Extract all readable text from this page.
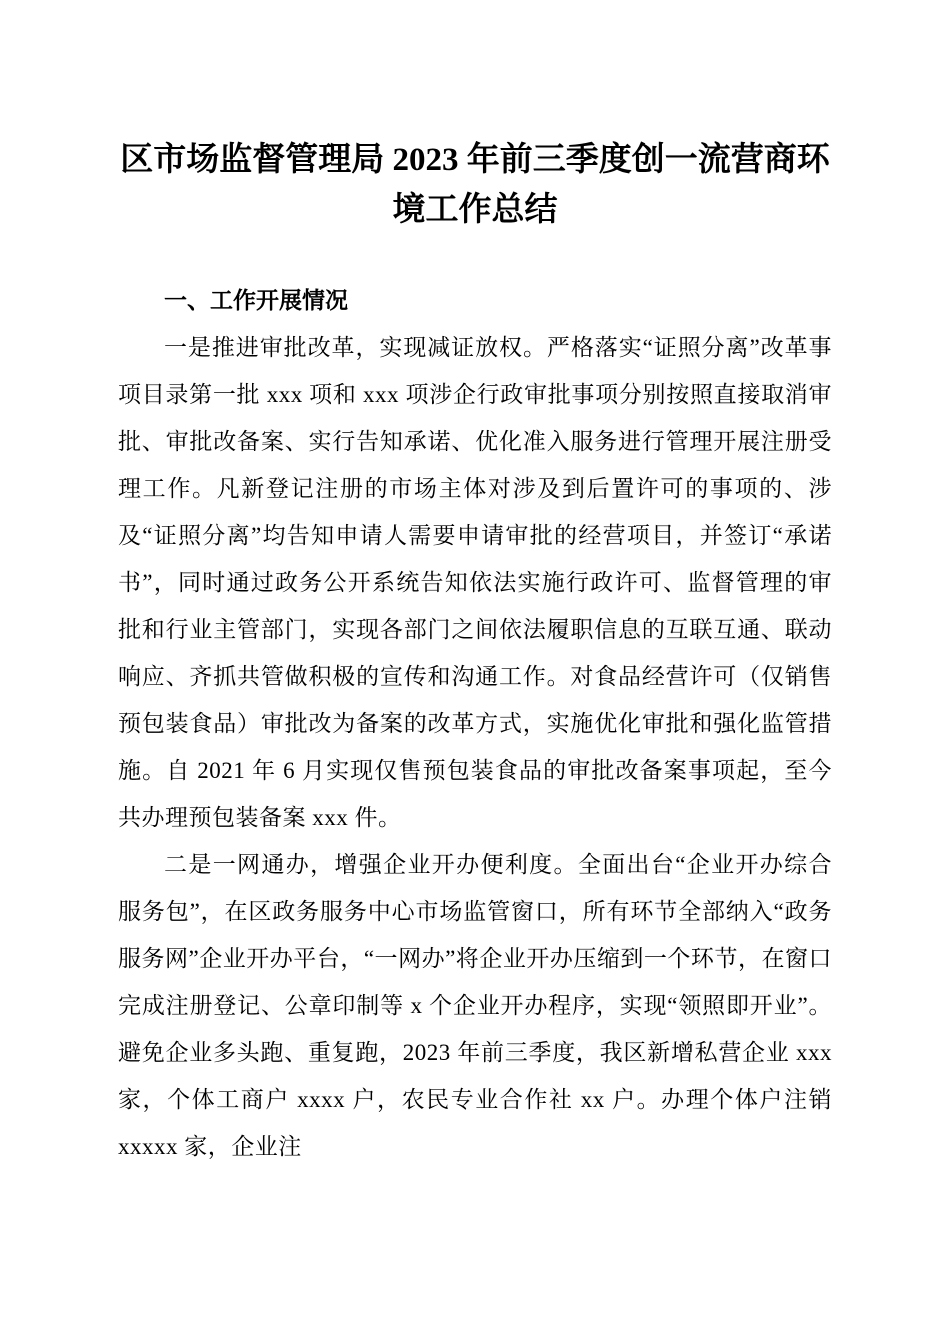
区市场监督管理局 2023 年前三季度创一流营商环境工作总结
一、工作开展情况

一是推进审批改革，实现减证放权。严格落实“证照分离”改革事项目录第一批 xxx 项和 xxx 项涉企行政审批事项分别按照直接取消审批、审批改备案、实行告知承诺、优化准入服务进行管理开展注册受理工作。凡新登记注册的市场主体对涉及到后置许可的事项的、涉及“证照分离”均告知申请人需要申请审批的经营项目，并签订“承诺书”，同时通过政务公开系统告知依法实施行政许可、监督管理的审批和行业主管部门，实现各部门之间依法履职信息的互联互通、联动响应、齐抓共管做积极的宣传和沟通工作。对食品经营许可（仅销售预包装食品）审批改为备案的改革方式，实施优化审批和强化监管措施。自 2021 年 6 月实现仅售预包装食品的审批改备案事项起，至今共办理预包装备案 xxx 件。

二是一网通办，增强企业开办便利度。全面出台“企业开办综合服务包”，在区政务服务中心市场监管窗口，所有环节全部纳入“政务服务网”企业开办平台，“一网办”将企业开办压缩到一个环节，在窗口完成注册登记、公章印制等 x 个企业开办程序，实现“领照即开业”。避免企业多头跑、重复跑，2023 年前三季度，我区新增私营企业 xxx 家，个体工商户 xxxx 户，农民专业合作社 xx 户。办理个体户注销 xxxxx 家，企业注
